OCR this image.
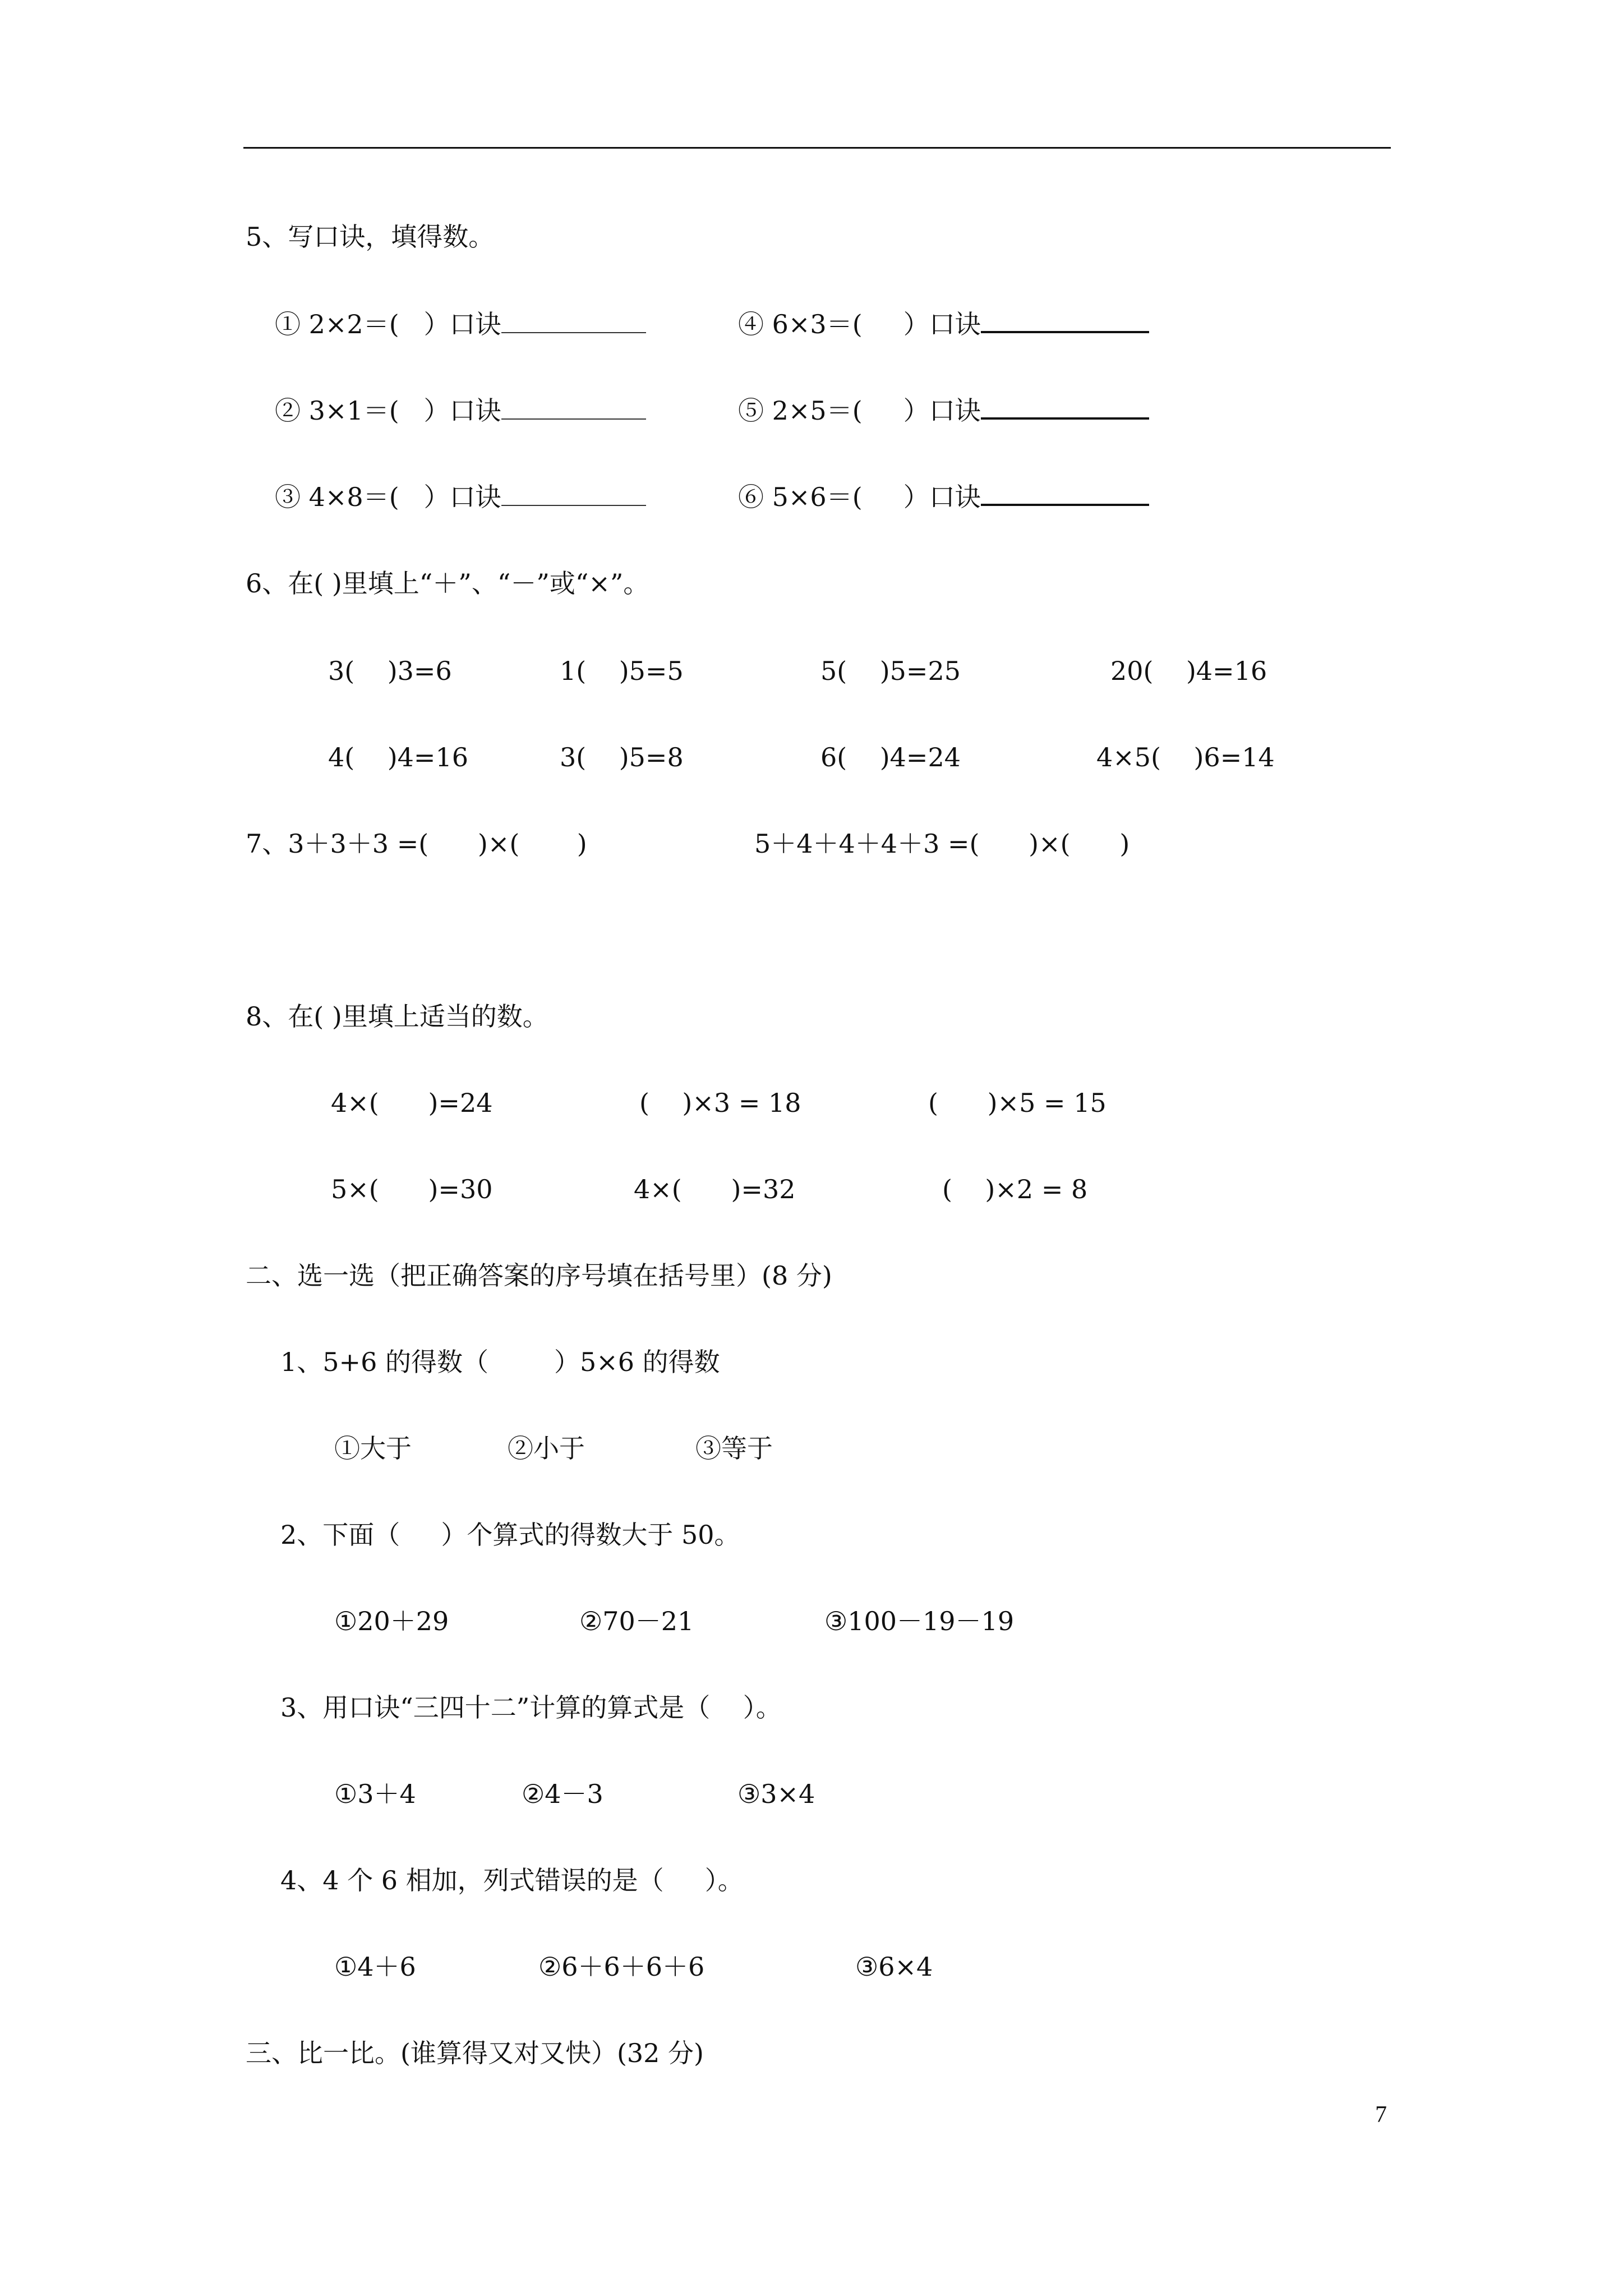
5、写口诀，填得数。
① 2×2＝(   ）口诀	④ 6×3＝(     ）口诀
② 3×1＝(   ）口诀	⑤ 2×5＝(     ）口诀
③ 4×8＝(   ）口诀	⑥ 5×6＝(     ）口诀
6、在( )里填上“＋”、“－”或“×”。
3(    )3=6	1(    )5=5	5(    )5=25	20(    )4=16
4(    )4=16	3(    )5=8	6(    )4=24	4×5(    )6=14
7、3＋3＋3 =(      )×(       )	5＋4＋4＋4＋3 =(      )×(      )
8、在( )里填上适当的数。
4×(      )=24	(    )×3 = 18	(      )×5 = 15
5×(      )=30	4×(      )=32	(    )×2 = 8
二、选一选（把正确答案的序号填在括号里）(8 分)
1、5+6 的得数（        ）5×6 的得数
①大于	②小于	③等于
2、下面（     ）个算式的得数大于 50。
①20＋29	②70－21	③100－19－19
3、用口诀“三四十二”计算的算式是（    ）。
①3＋4	②4－3	③3×4
4、4 个 6 相加，列式错误的是（     ）。
①4＋6	②6＋6＋6＋6	③6×4
三、比一比。(谁算得又对又快）(32 分)
7
